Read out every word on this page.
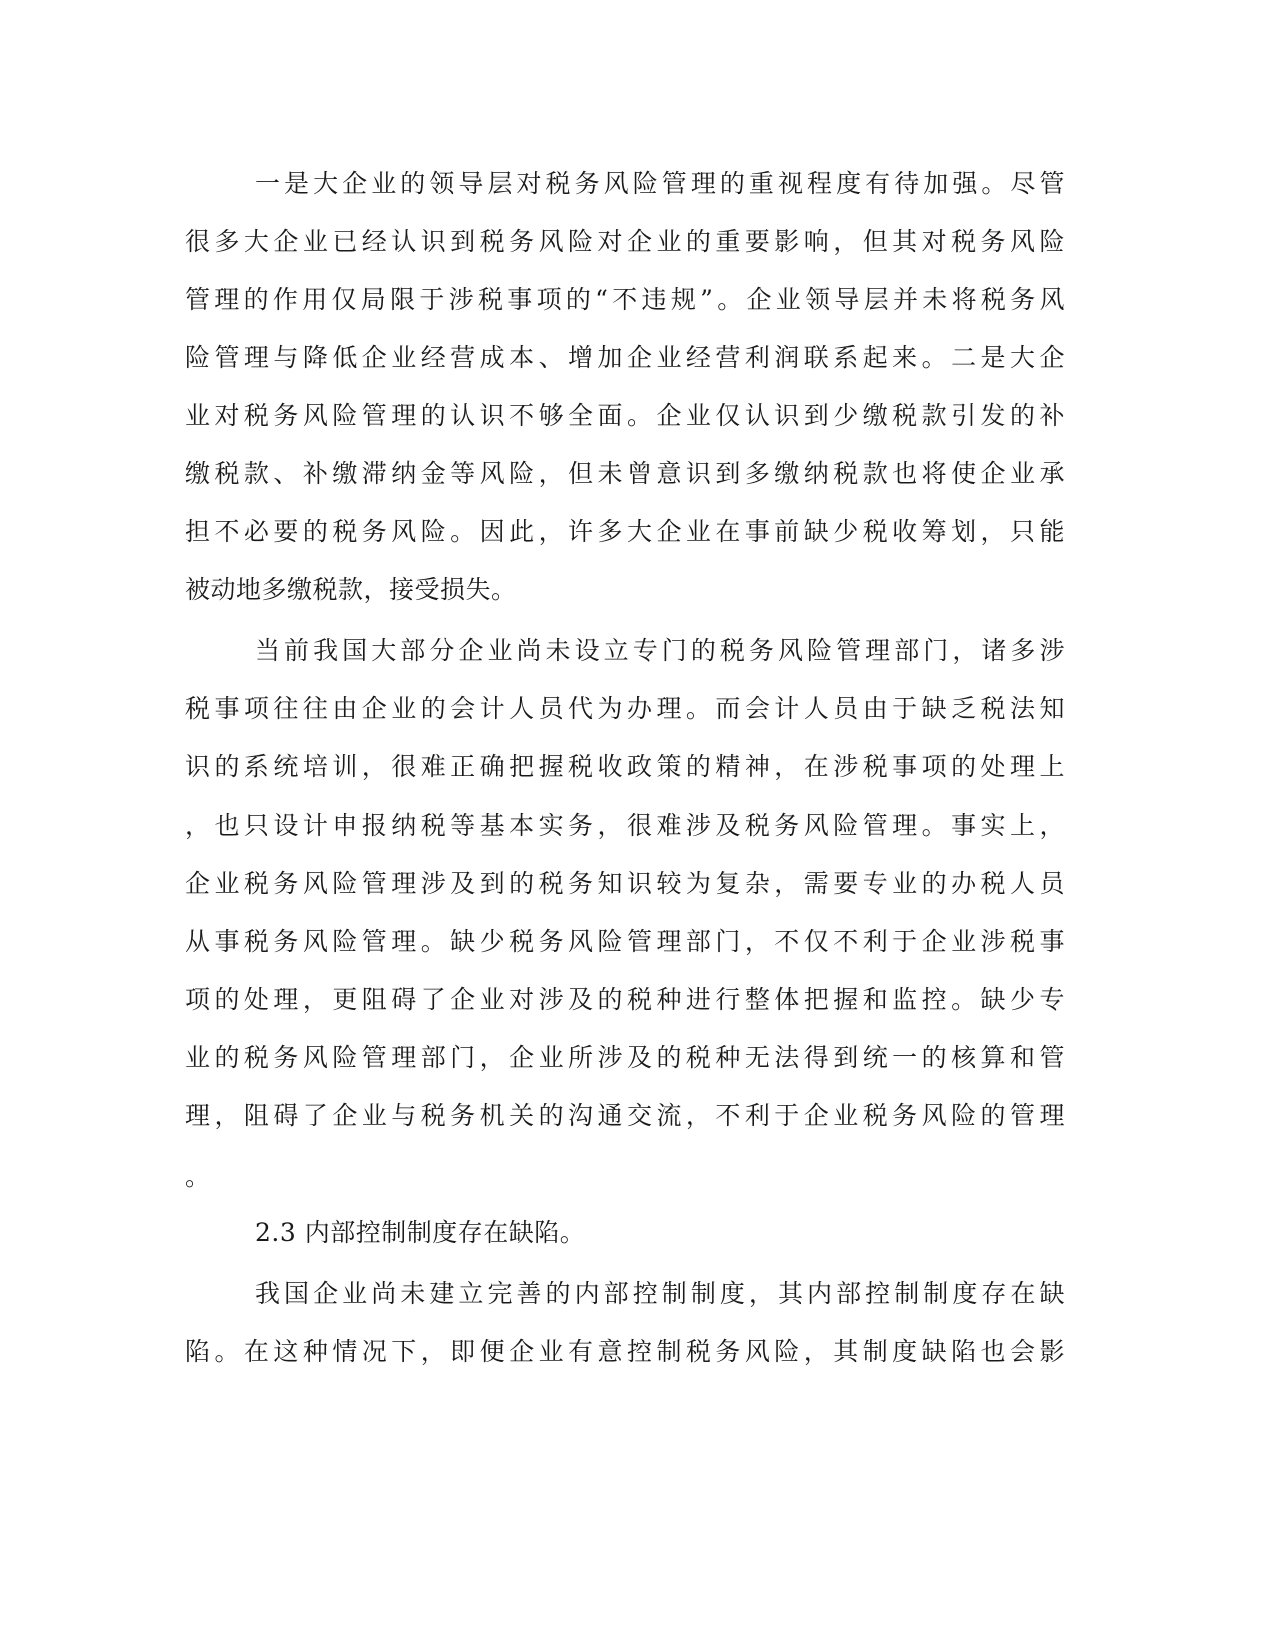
一是大企业的领导层对税务风险管理的重视程度有待加强。尽管

很多大企业已经认识到税务风险对企业的重要影响，但其对税务风险

管理的作用仅局限于涉税事项的“不违规”。企业领导层并未将税务风

险管理与降低企业经营成本、增加企业经营利润联系起来。二是大企

业对税务风险管理的认识不够全面。企业仅认识到少缴税款引发的补

缴税款、补缴滞纳金等风险，但未曾意识到多缴纳税款也将使企业承

担不必要的税务风险。因此，许多大企业在事前缺少税收筹划，只能

被动地多缴税款，接受损失。

当前我国大部分企业尚未设立专门的税务风险管理部门，诸多涉

税事项往往由企业的会计人员代为办理。而会计人员由于缺乏税法知

识的系统培训，很难正确把握税收政策的精神，在涉税事项的处理上

，也只设计申报纳税等基本实务，很难涉及税务风险管理。事实上，

企业税务风险管理涉及到的税务知识较为复杂，需要专业的办税人员

从事税务风险管理。缺少税务风险管理部门，不仅不利于企业涉税事

项的处理，更阻碍了企业对涉及的税种进行整体把握和监控。缺少专

业的税务风险管理部门，企业所涉及的税种无法得到统一的核算和管

理，阻碍了企业与税务机关的沟通交流，不利于企业税务风险的管理

。

2.3 内部控制制度存在缺陷。

我国企业尚未建立完善的内部控制制度，其内部控制制度存在缺

陷。在这种情况下，即便企业有意控制税务风险，其制度缺陷也会影
